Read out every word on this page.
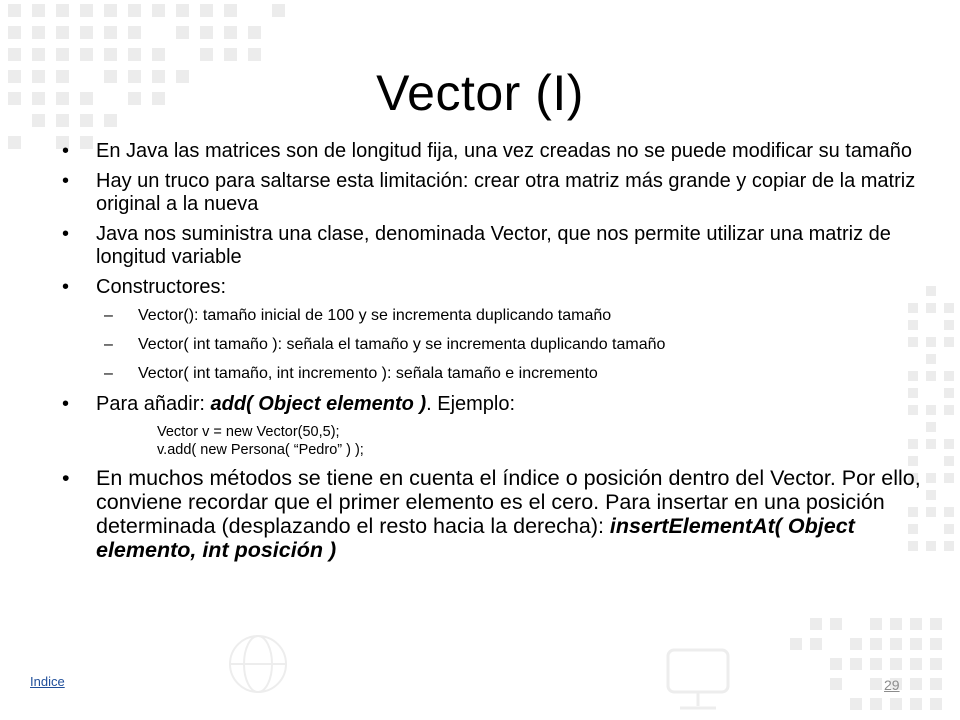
Vector (I)
• En Java las matrices son de longitud fija, una vez creadas no se puede modificar su tamaño
• Hay un truco para saltarse esta limitación: crear otra matriz más grande y copiar de la matriz original a la nueva
• Java nos suministra una clase, denominada Vector, que nos permite utilizar una matriz de longitud variable
• Constructores:
– Vector(): tamaño inicial de 100 y se incrementa duplicando tamaño
– Vector( int tamaño ): señala el tamaño y se incrementa duplicando tamaño
– Vector( int tamaño, int incremento ): señala tamaño e incremento
• Para añadir: add( Object elemento ). Ejemplo:
Vector v = new Vector(50,5);
v.add( new Persona( “Pedro” ) );
• En muchos métodos se tiene en cuenta el índice o posición dentro del Vector. Por ello, conviene recordar que el primer elemento es el cero. Para insertar en una posición determinada (desplazando el resto hacia la derecha): insertElementAt( Object elemento, int posición )
Indice	29
